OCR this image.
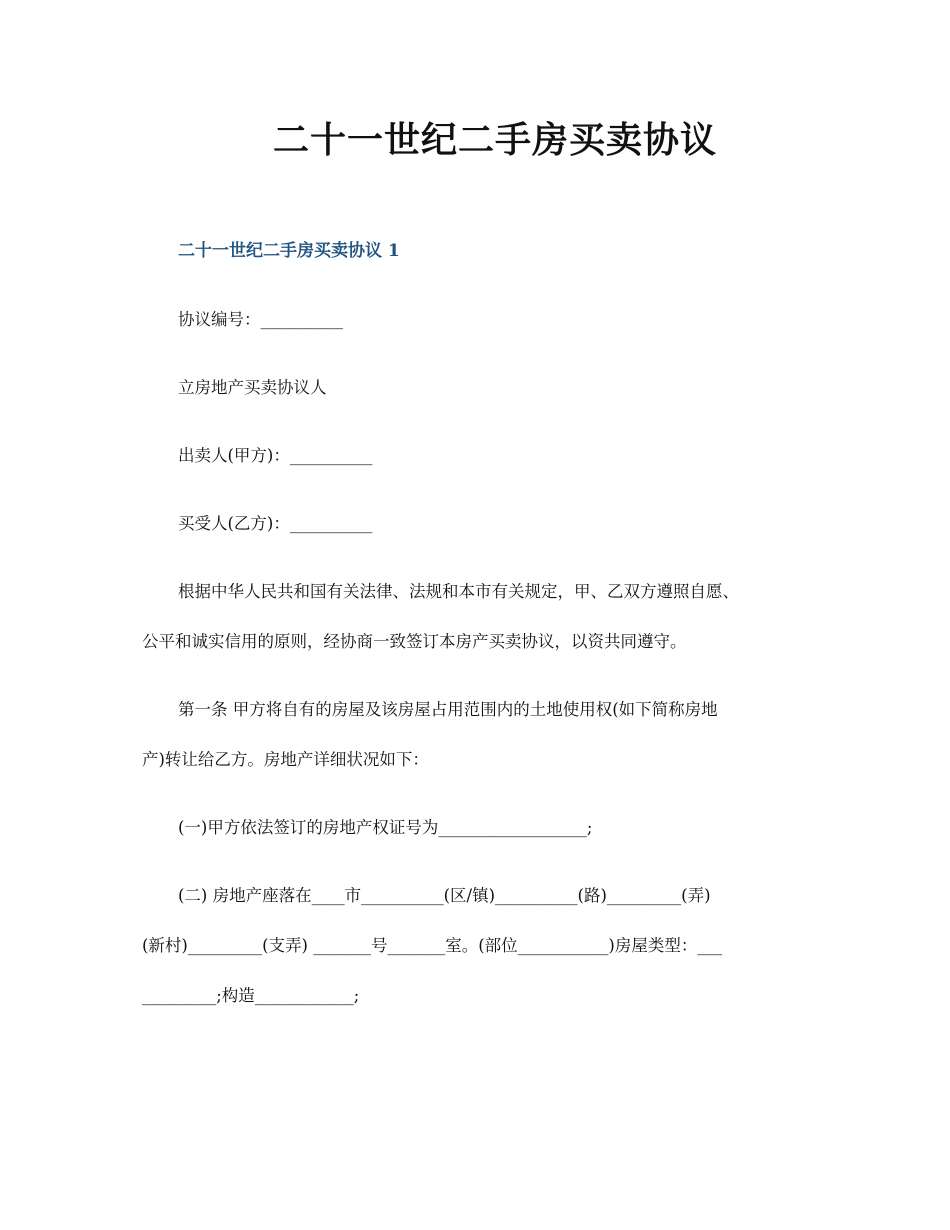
二十一世纪二手房买卖协议
二十一世纪二手房买卖协议 1

协议编号：__________

立房地产买卖协议人

出卖人(甲方)：__________

买受人(乙方)：__________

根据中华人民共和国有关法律、法规和本市有关规定，甲、乙双方遵照自愿、

公平和诚实信用的原则，经协商一致签订本房产买卖协议，以资共同遵守。

第一条 甲方将自有的房屋及该房屋占用范围内的土地使用权(如下简称房地

产)转让给乙方。房地产详细状况如下：

(一)甲方依法签订的房地产权证号为__________________;

(二) 房地产座落在____市__________(区/镇)__________(路)_________(弄)

(新村)_________(支弄) _______号_______室。(部位___________)房屋类型：___

_________;构造____________;
